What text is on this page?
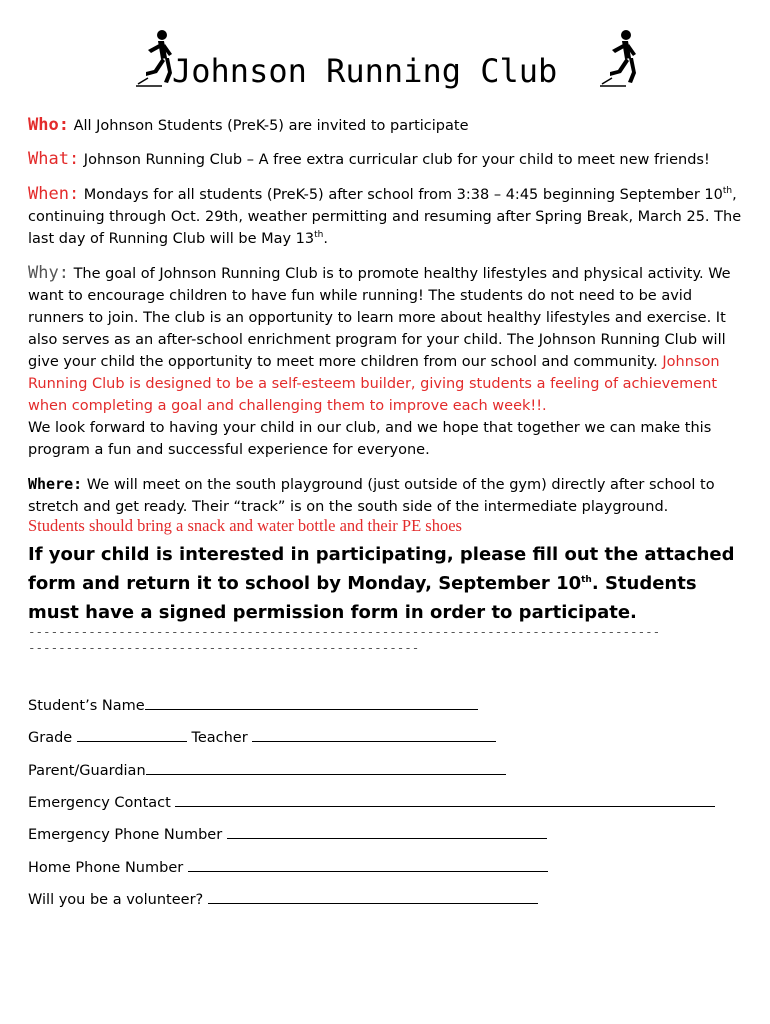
Johnson Running Club
Who: All Johnson Students (PreK-5) are invited to participate
What: Johnson Running Club – A free extra curricular club for your child to meet new friends!
When: Mondays for all students (PreK-5) after school from 3:38 – 4:45 beginning September 10th, continuing through Oct. 29th, weather permitting and resuming after Spring Break, March 25. The last day of Running Club will be May 13th.
Why: The goal of Johnson Running Club is to promote healthy lifestyles and physical activity. We want to encourage children to have fun while running! The students do not need to be avid runners to join. The club is an opportunity to learn more about healthy lifestyles and exercise. It also serves as an after-school enrichment program for your child. The Johnson Running Club will give your child the opportunity to meet more children from our school and community. Johnson Running Club is designed to be a self-esteem builder, giving students a feeling of achievement when completing a goal and challenging them to improve each week!!.
We look forward to having your child in our club, and we hope that together we can make this program a fun and successful experience for everyone.
Where: We will meet on the south playground (just outside of the gym) directly after school to stretch and get ready. Their “track” is on the south side of the intermediate playground.
Students should bring a snack and water bottle and their PE shoes
If your child is interested in participating, please fill out the attached form and return it to school by Monday, September 10th. Students must have a signed permission form in order to participate.
------------------------------------------------------------------------------------
----------------------------------------------------
Student’s Name
Grade	Teacher
Parent/Guardian
Emergency Contact
Emergency Phone Number
Home Phone Number
Will you be a volunteer?
